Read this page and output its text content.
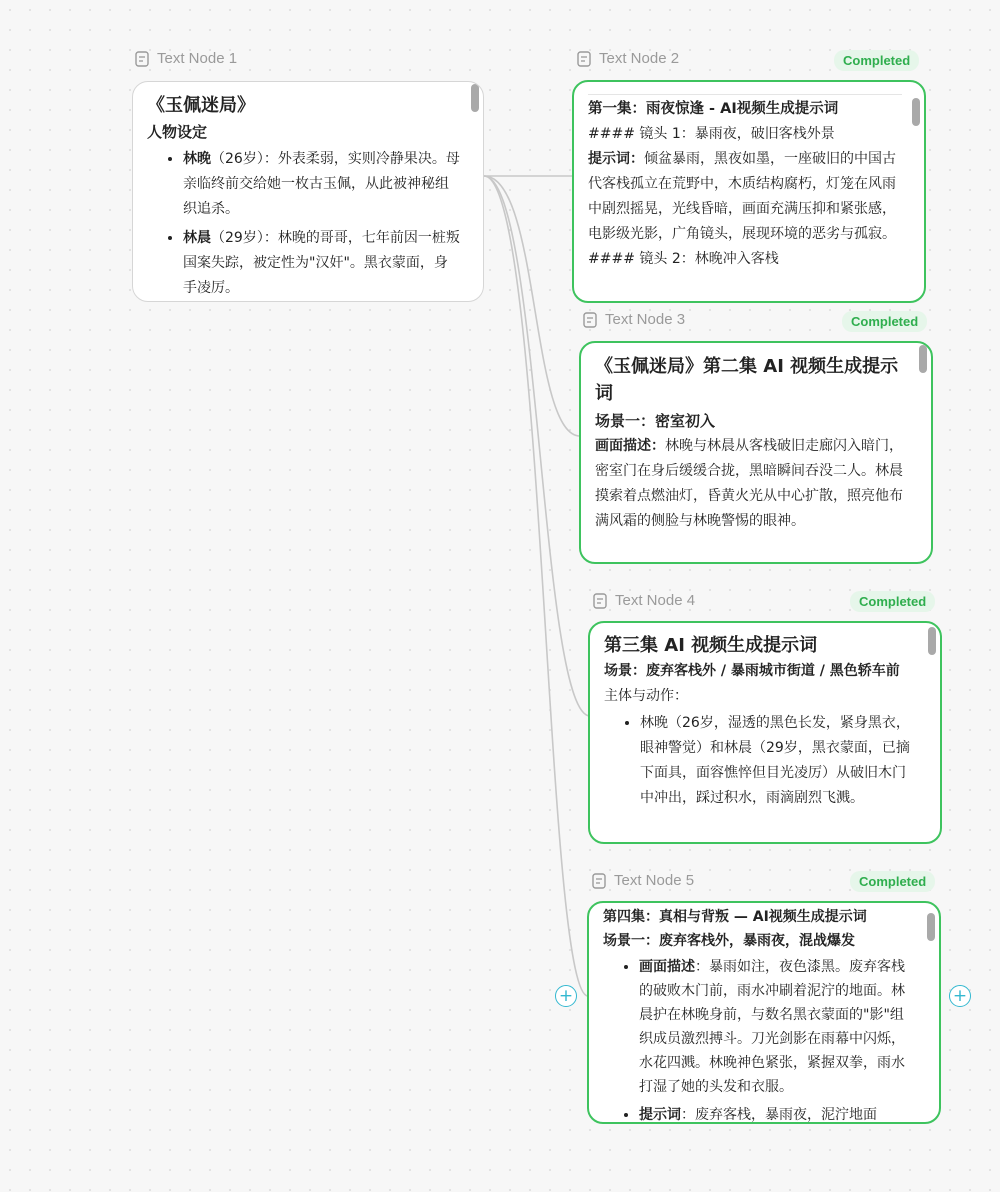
Text Node 1
《玉佩迷局》

人物设定

• 林晚（26岁）：外表柔弱，实则冷静果决。母亲临终前交给她一枚古玉佩，从此被神秘组织追杀。
• 林晨（29岁）：林晚的哥哥，七年前因一桩叛国案失踪，被定性为"汉奸"。黑衣蒙面，身手凌厉。
Text Node 2	Completed

第一集：雨夜惊逢 - AI视频生成提示词

#### 镜头 1：暴雨夜，破旧客栈外景

提示词：倾盆暴雨，黑夜如墨，一座破旧的中国古代客栈孤立在荒野中，木质结构腐朽，灯笼在风雨中剧烈摇晃，光线昏暗，画面充满压抑和紧张感，电影级光影，广角镜头，展现环境的恶劣与孤寂。

#### 镜头 2：林晚冲入客栈

Text Node 3	Completed
《玉佩迷局》第二集 AI 视频生成提示词

场景一：密室初入

画面描述：林晚与林晨从客栈破旧走廊闪入暗门，密室门在身后缓缓合拢，黑暗瞬间吞没二人。林晨摸索着点燃油灯，昏黄火光从中心扩散，照亮他布满风霜的侧脸与林晚警惕的眼神。

Text Node 4	Completed
第三集 AI 视频生成提示词

场景：废弃客栈外 / 暴雨城市街道 / 黑色轿车前

主体与动作：

• 林晚（26岁，湿透的黑色长发，紧身黑衣，眼神警觉）和林晨（29岁，黑衣蒙面，已摘下面具，面容憔悴但目光凌厉）从破旧木门中冲出，踩过积水，雨滴剧烈飞溅。
Text Node 5	Completed

第四集：真相与背叛 — AI视频生成提示词

场景一：废弃客栈外，暴雨夜，混战爆发

• 画面描述：暴雨如注，夜色漆黑。废弃客栈的破败木门前，雨水冲刷着泥泞的地面。林晨护在林晚身前，与数名黑衣蒙面的"影"组织成员激烈搏斗。刀光剑影在雨幕中闪烁，水花四溅。林晚神色紧张，紧握双拳，雨水打湿了她的头发和衣服。
• 提示词：废弃客栈，暴雨夜，泥泞地面
+	+
